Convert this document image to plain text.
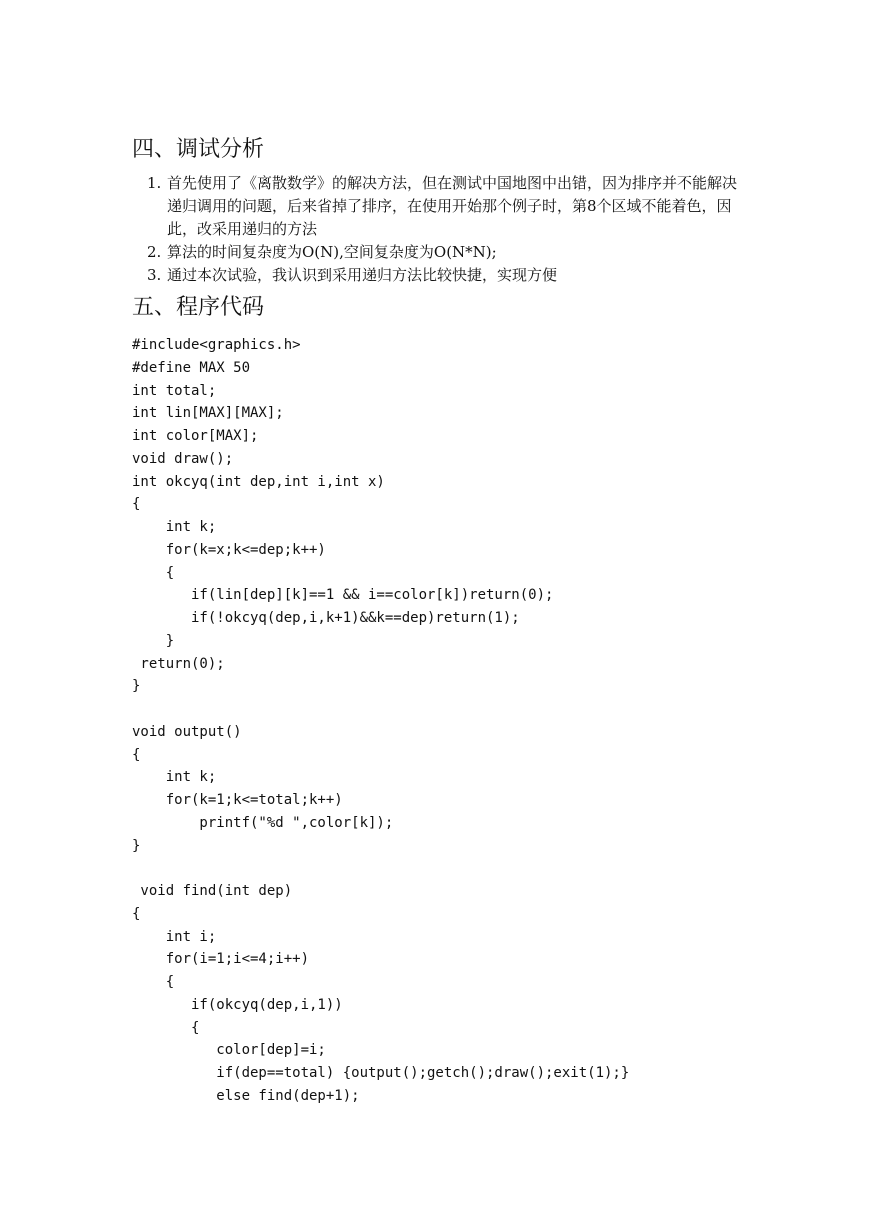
四、调试分析
1. 首先使用了《离散数学》的解决方法，但在测试中国地图中出错，因为排序并不能解决递归调用的问题，后来省掉了排序，在使用开始那个例子时，第8个区域不能着色，因此，改采用递归的方法
2. 算法的时间复杂度为O(N),空间复杂度为O(N*N);
3. 通过本次试验，我认识到采用递归方法比较快捷，实现方便
五、程序代码
#include<graphics.h>
#define MAX 50
int total;
int lin[MAX][MAX];
int color[MAX];
void draw();
int okcyq(int dep,int i,int x)
{
int k;
for(k=x;k<=dep;k++)
{
if(lin[dep][k]==1 && i==color[k])return(0);
if(!okcyq(dep,i,k+1)&&k==dep)return(1);
}
return(0);
}
void output()
{
int k;
for(k=1;k<=total;k++)
printf("%d ",color[k]);
}
void find(int dep)
{
int i;
for(i=1;i<=4;i++)
{
if(okcyq(dep,i,1))
{
color[dep]=i;
if(dep==total) {output();getch();draw();exit(1);}
else find(dep+1);
